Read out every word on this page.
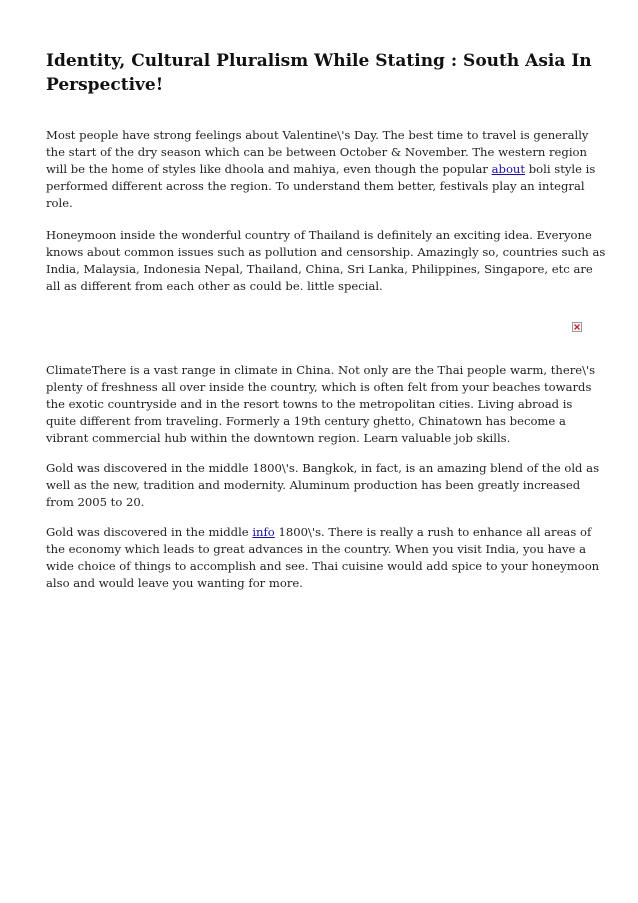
Identity, Cultural Pluralism While Stating : South Asia In Perspective!

Most people have strong feelings about Valentine\'s Day. The best time to travel is generally the start of the dry season which can be between October & November. The western region will be the home of styles like dhoola and mahiya, even though the popular about boli style is performed different across the region. To understand them better, festivals play an integral role.

Honeymoon inside the wonderful country of Thailand is definitely an exciting idea. Everyone knows about common issues such as pollution and censorship. Amazingly so, countries such as India, Malaysia, Indonesia Nepal, Thailand, China, Sri Lanka, Philippines, Singapore, etc are all as different from each other as could be. little special.

ClimateThere is a vast range in climate in China. Not only are the Thai people warm, there\'s plenty of freshness all over inside the country, which is often felt from your beaches towards the exotic countryside and in the resort towns to the metropolitan cities. Living abroad is quite different from traveling. Formerly a 19th century ghetto, Chinatown has become a vibrant commercial hub within the downtown region. Learn valuable job skills.

Gold was discovered in the middle 1800\'s. Bangkok, in fact, is an amazing blend of the old as well as the new, tradition and modernity. Aluminum production has been greatly increased from 2005 to 20.

Gold was discovered in the middle info 1800\'s. There is really a rush to enhance all areas of the economy which leads to great advances in the country. When you visit India, you have a wide choice of things to accomplish and see. Thai cuisine would add spice to your honeymoon also and would leave you wanting for more.
